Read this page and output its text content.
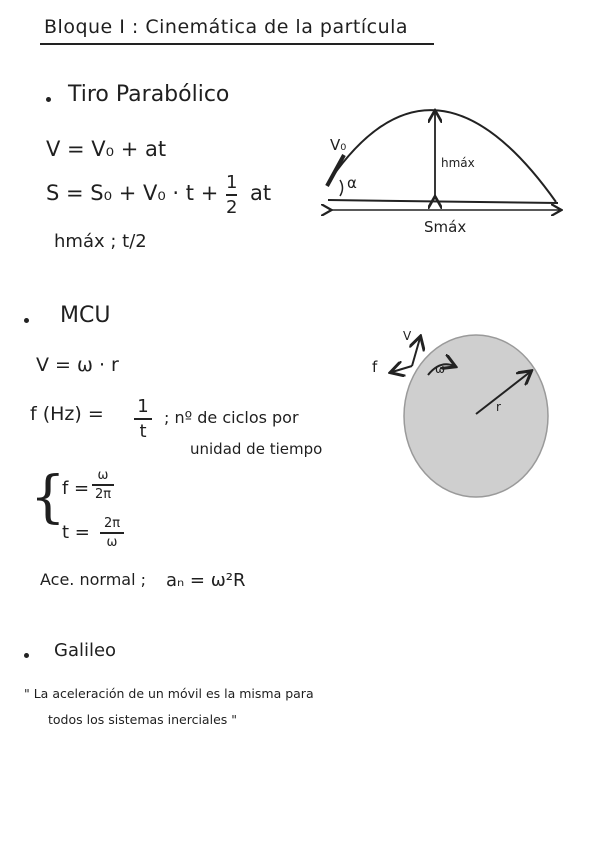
Bloque I : Cinemática de la partícula
Tiro Parabólico
V = V₀ + at
S = S₀ + V₀ · t + 1
2
at
hmáx ; t/2
V₀
α
hmáx
Smáx
MCU
V = ω · r
f (Hz) = 1
t
; nº de ciclos por
unidad de tiempo
{
f =
ω
2π
t = 2π
ω
Ace. normal ; aₙ = ω²R
V
f	ω
r
Galileo
" La aceleración de un móvil es la misma para
todos los sistemas inerciales "
